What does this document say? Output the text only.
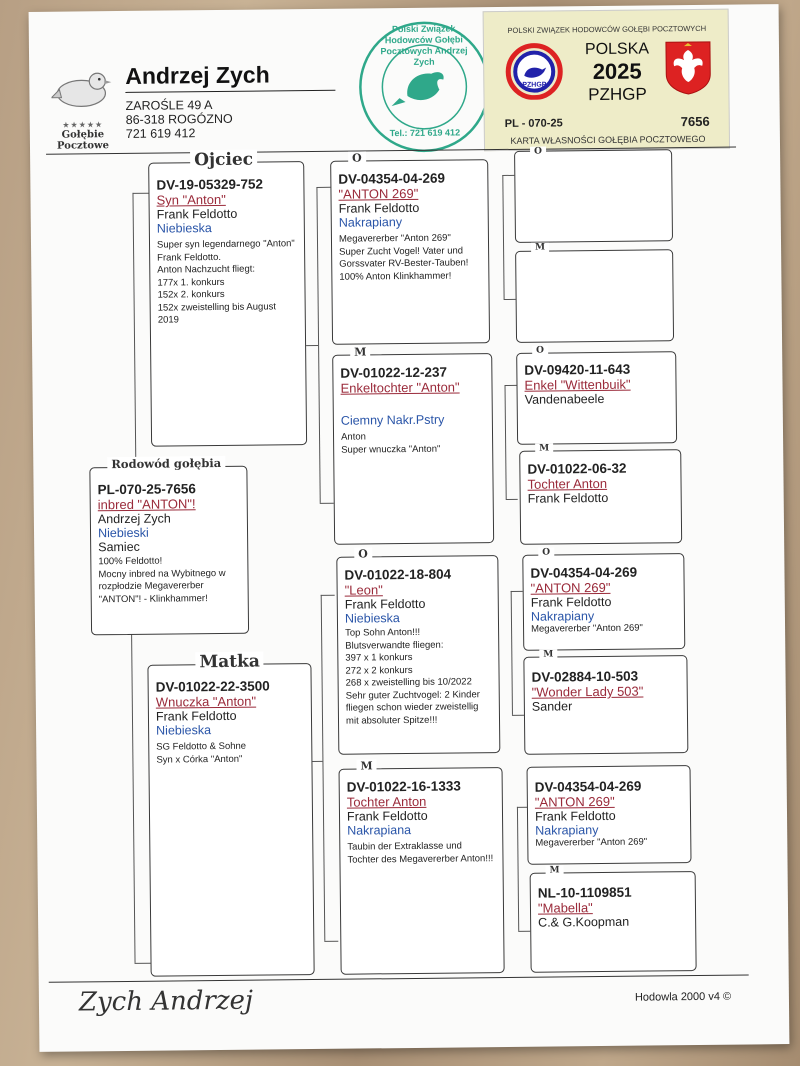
★★★★★
Gołębie
Pocztowe
Andrzej Zych
ZAROŚLE 49 A
86-318 ROGÓZNO
721 619 412
Polski Związek Hodowców Gołębi Pocztowych Andrzej Zych
Tel.: 721 619 412
POLSKI ZWIĄZEK HODOWCÓW GOŁĘBI POCZTOWYCH
PZHGP
POLSKA
2025
PZHGP
PL - 070-25	7656
KARTA WŁASNOŚCI GOŁĘBIA POCZTOWEGO
PL-070-25-7656
inbred "ANTON"!
Andrzej Zych
Niebieski
Samiec
100% Feldotto!
Mocny inbred na Wybitnego w rozpłodzie Megavererber "ANTON"! - Klinkhammer!
Rodowód gołębia
DV-19-05329-752
Syn "Anton"
Frank Feldotto
Niebieska
Super syn legendarnego "Anton" Frank Feldotto.
Anton Nachzucht fliegt:
177x 1. konkurs
152x 2. konkurs
152x zweistelling bis August 2019
Ojciec
DV-01022-22-3500
Wnuczka "Anton"
Frank Feldotto
Niebieska
SG Feldotto & Sohne
Syn x Córka "Anton"
Matka
DV-04354-04-269
"ANTON 269"
Frank Feldotto
Nakrapiany
Megavererber "Anton 269"
Super Zucht Vogel! Vater und Gorssvater RV-Bester-Tauben!
100% Anton Klinkhammer!
O
DV-01022-12-237
Enkeltochter "Anton"
Ciemny Nakr.Pstry
Anton
Super wnuczka "Anton"
M
DV-01022-18-804
"Leon"
Frank Feldotto
Niebieska
Top Sohn Anton!!!
Blutsverwandte fliegen:
397 x 1 konkurs
272 x 2 konkurs
268 x zweistelling bis 10/2022
Sehr guter Zuchtvogel: 2 Kinder fliegen schon wieder zweistellig mit absoluter Spitze!!!
O
DV-01022-16-1333
Tochter Anton
Frank Feldotto
Nakrapiana
Taubin der Extraklasse und Tochter des Megavererber Anton!!!
M
O
M
DV-09420-11-643
Enkel "Wittenbuik"
Vandenabeele
O
DV-01022-06-32
Tochter Anton
Frank Feldotto
M
DV-04354-04-269
"ANTON 269"
Frank Feldotto
Nakrapiany
Megavererber "Anton 269"
O
DV-02884-10-503
"Wonder Lady 503"
Sander
M
DV-04354-04-269
"ANTON 269"
Frank Feldotto
Nakrapiany
Megavererber "Anton 269"
NL-10-1109851
"Mabella"
C.& G.Koopman
M
Zych Andrzej	Hodowla 2000 v4 ©
